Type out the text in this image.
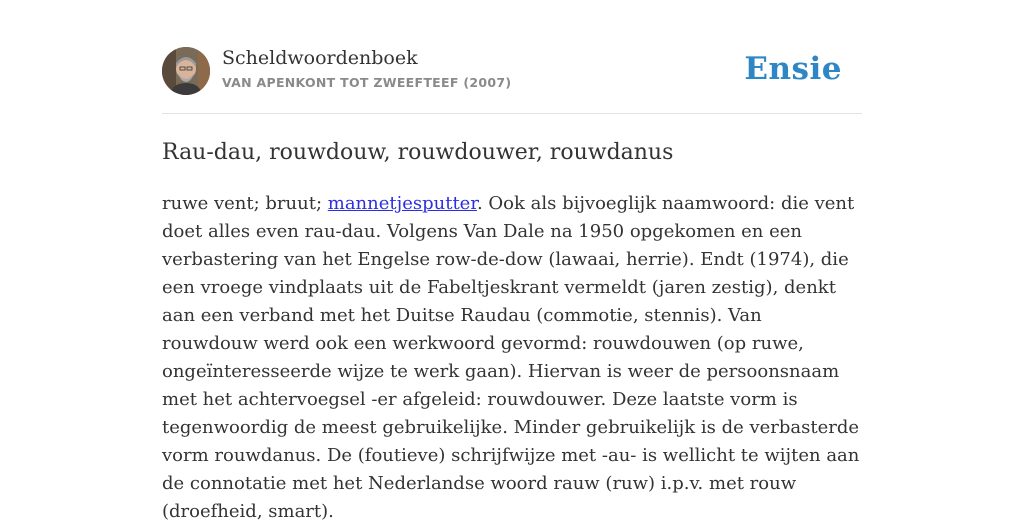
Scheldwoordenboek
VAN APENKONT TOT ZWEEFTEEF (2007)	Ensie
Rau-dau, rouwdouw, rouwdouwer, rouwdanus
ruwe vent; bruut; mannetjesputter. Ook als bijvoeglijk naamwoord: die vent doet alles even rau-dau. Volgens Van Dale na 1950 opgekomen en een verbastering van het Engelse row-de-dow (lawaai, herrie). Endt (1974), die een vroege vindplaats uit de Fabeltjeskrant vermeldt (jaren zestig), denkt aan een verband met het Duitse Raudau (commotie, stennis). Van rouwdouw werd ook een werkwoord gevormd: rouwdouwen (op ruwe, ongeïnteresseerde wijze te werk gaan). Hiervan is weer de persoonsnaam met het achtervoegsel -er afgeleid: rouwdouwer. Deze laatste vorm is tegenwoordig de meest gebruikelijke. Minder gebruikelijk is de verbasterde vorm rouwdanus. De (foutieve) schrijfwijze met -au- is wellicht te wijten aan de connotatie met het Nederlandse woord rauw (ruw) i.p.v. met rouw (droefheid, smart).
